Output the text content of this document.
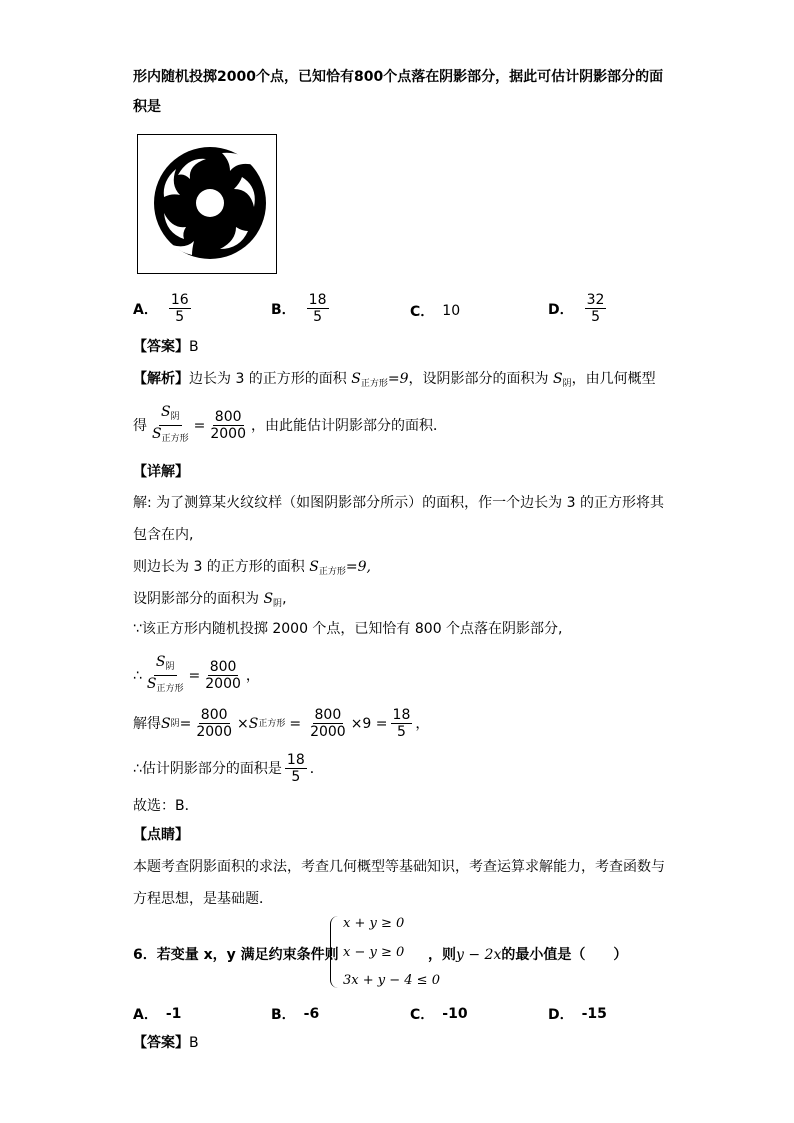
形内随机投掷2000个点，已知恰有800个点落在阴影部分，据此可估计阴影部分的面
积是
A． $\frac{16}{5}$	B． $\frac{18}{5}$	C． 10	D． $\frac{32}{5}$
【答案】B
【解析】边长为 3 的正方形的面积 $S_{正方形}=9$，设阴影部分的面积为 $S_阴$，由几何概型
得 $\frac{S_阴}{S_{正方形}} = \frac{800}{2000}$ ，由此能估计阴影部分的面积．
【详解】
解: 为了测算某火纹纹样（如图阴影部分所示）的面积，作一个边长为 3 的正方形将其
包含在内,
则边长为 3 的正方形的面积 $S_{正方形}=9$,
设阴影部分的面积为 $S_阴$,
∵该正方形内随机投掷 2000 个点，已知恰有 800 个点落在阴影部分,
∴ $\frac{S_阴}{S_{正方形}} = \frac{800}{2000}$ ，
解得 S 阴 = $\frac{800}{2000} \times S$ 正方形 = $\frac{800}{2000} \times 9 = \frac{18}{5}$ ，
∴估计阴影部分的面积是 $\frac{18}{5}$ ．
故选：B．
【点睛】
本题考查阴影面积的求法，考查几何概型等基础知识，考查运算求解能力，考查函数与
方程思想，是基础题．
6．若变量 x，y 满足约束条件则
x + y ≥ 0
x − y ≥ 0
3x + y − 4 ≤ 0
，则y − 2x的最小值是（　　）
A． -1	B． -6	C． -10	D． -15
【答案】B
